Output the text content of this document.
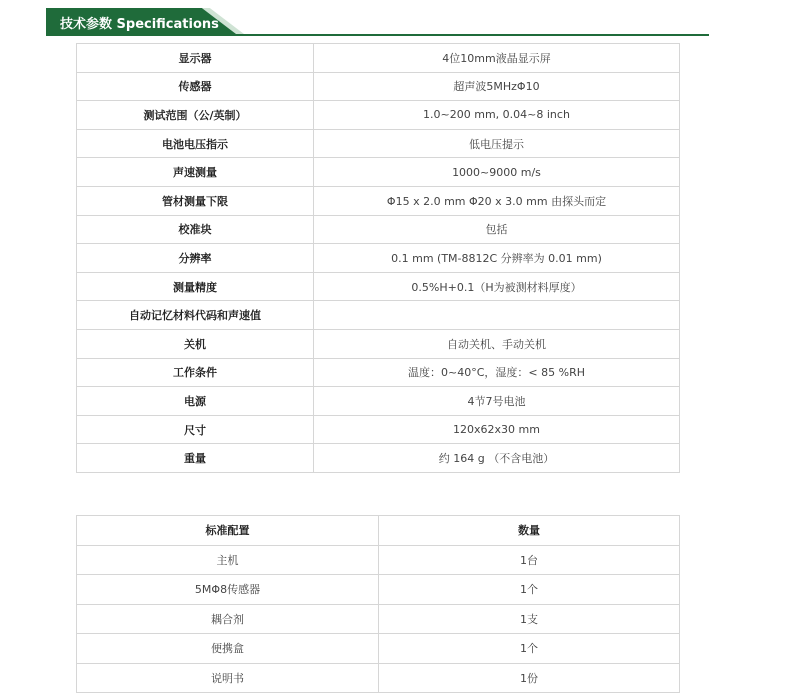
技术参数 Specifications
显示器	4位10mm液晶显示屏
传感器	超声波5MHzΦ10
测试范围（公/英制）	1.0~200 mm, 0.04~8 inch
电池电压指示	低电压提示
声速测量	1000~9000 m/s
管材测量下限	Φ15 x 2.0 mm Φ20 x 3.0 mm 由探头而定
校准块	包括
分辨率	0.1 mm (TM-8812C 分辨率为 0.01 mm)
测量精度	0.5%H+0.1（H为被测材料厚度）
自动记忆材料代码和声速值	
关机	自动关机、手动关机
工作条件	温度：0~40°C，湿度：< 85 %RH
电源	4节7号电池
尺寸	120x62x30 mm
重量	约 164 g （不含电池）
标准配置	数量
主机	1台
5MΦ8传感器	1个
耦合剂	1支
便携盒	1个
说明书	1份
